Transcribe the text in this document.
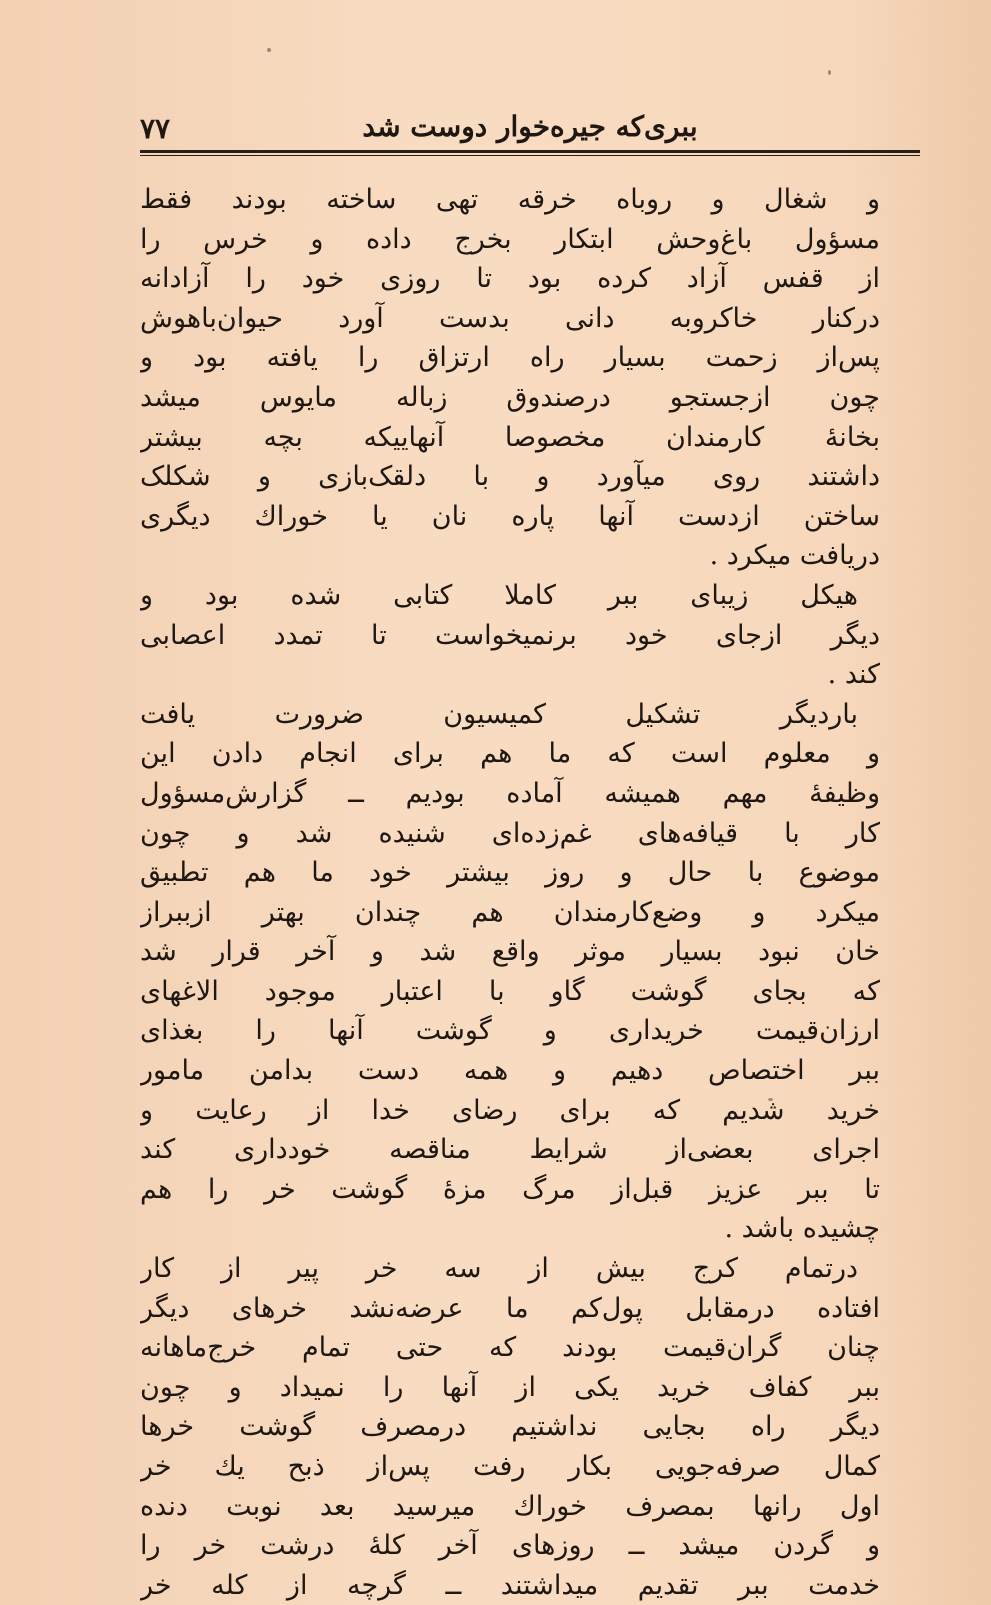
۷۷	ببری‌که جیره‌خوار دوست شد
و شغال و روباه خرقه تهی ساخته بودند فقط
مسؤول باغ‌وحش ابتکار بخرج داده و خرس را
از قفس آزاد کرده بود تا روزی خود را آزادانه
درکنار خاکروبه دانی بدست آورد حیوان‌باهوش
پس‌از زحمت بسیار راه ارتزاق را یافته بود و
چون ازجستجو درصندوق زباله مایوس میشد
بخانهٔ کارمندان مخصوصا آنهاییکه بچه بیشتر
داشتند روی میآورد و با دلقک‌بازی و شکلک
ساختن ازدست آنها پاره نان یا خوراك دیگری
دریافت میکرد .
هیکل زیبای ببر کاملا کتابی شده بود و
دیگر ازجای خود برنمیخواست تا تمدد اعصابی
کند .
باردیگر تشکیل کمیسیون ضرورت یافت
و معلوم است که ما هم برای انجام دادن این
وظیفهٔ مهم همیشه آماده بودیم ــ گزارش‌مسؤول
کار با قیافه‌های غم‌زده‌ای شنیده شد و چون
موضوع با حال و روز بیشتر خود ما هم تطبیق
میکرد و وضع‌کارمندان هم چندان بهتر ازببراز
خان نبود بسیار موثر واقع شد و آخر قرار شد
که بجای گوشت گاو با اعتبار موجود الاغهای
ارزان‌قیمت خریداری و گوشت آنها را بغذای
ببر اختصاص دهیم و همه دست بدامن مامور
خرید شدیم که برای رضای خدا از رعایت و
اجرای بعضی‌از شرایط مناقصه خودداری کند
تا ببر عزیز قبل‌از مرگ مزهٔ گوشت خر را هم
چشیده باشد .
درتمام کرج بیش از سه خر پیر از کار
افتاده درمقابل پول‌کم ما عرضه‌نشد خرهای دیگر
چنان گران‌قیمت بودند که حتی تمام خرج‌ماهانه
ببر کفاف خرید یکی از آنها را نمیداد و چون
دیگر راه بجایی نداشتیم درمصرف گوشت خرها
کمال صرفه‌جویی بکار رفت پس‌از ذبح یك خر
اول رانها بمصرف خوراك میرسید بعد نوبت دنده
و گردن میشد ــ روزهای آخر کلهٔ درشت خر را
خدمت ببر تقدیم میداشتند ــ گرچه از کله خر
